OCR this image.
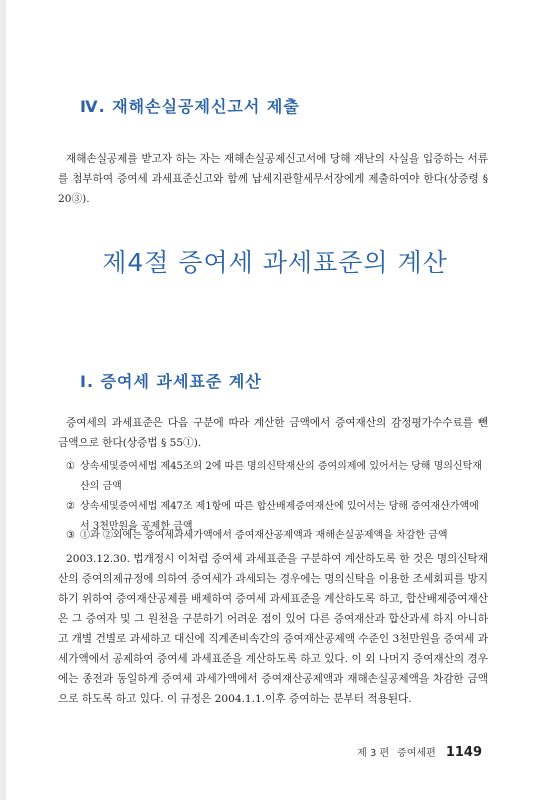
Ⅳ. 재해손실공제신고서 제출

재해손실공제를 받고자 하는 자는 재해손실공제신고서에 당해 재난의 사실을 입증하는 서류를 첨부하여 증여세 과세표준신고와 함께 납세지관할세무서장에게 제출하여야 한다(상증령 § 20③).

제4절 증여세 과세표준의 계산
Ⅰ. 증여세 과세표준 계산

증여세의 과세표준은 다음 구분에 따라 계산한 금액에서 증여재산의 감정평가수수료를 뺀 금액으로 한다(상증법 § 55①).

① 상속세및증여세법 제45조의 2에 따른 명의신탁재산의 증여의제에 있어서는 당해 명의신탁재산의 금액
② 상속세및증여세법 제47조 제1항에 따른 합산배제증여재산에 있어서는 당해 증여재산가액에서 3천만원을 공제한 금액
③ ①과 ②외에는 증여세과세가액에서 증여재산공제액과 재해손실공제액을 차감한 금액

2003.12.30. 법개정시 이처럼 증여세 과세표준을 구분하여 계산하도록 한 것은 명의신탁재산의 증여의제규정에 의하여 증여세가 과세되는 경우에는 명의신탁을 이용한 조세회피를 방지하기 위하여 증여재산공제를 배제하여 증여세 과세표준을 계산하도록 하고, 합산배제증여재산은 그 증여자 및 그 원천을 구분하기 어려운 점이 있어 다른 증여재산과 합산과세 하지 아니하고 개별 건별로 과세하고 대신에 직계존비속간의 증여재산공제액 수준인 3천만원을 증여세 과세가액에서 공제하여 증여세 과세표준을 계산하도록 하고 있다. 이 외 나머지 증여재산의 경우에는 종전과 동일하게 증여세 과세가액에서 증여재산공제액과 재해손실공제액을 차감한 금액으로 하도록 하고 있다. 이 규정은 2004.1.1.이후 증여하는 분부터 적용된다.

제 3 편 증여세편 1149
